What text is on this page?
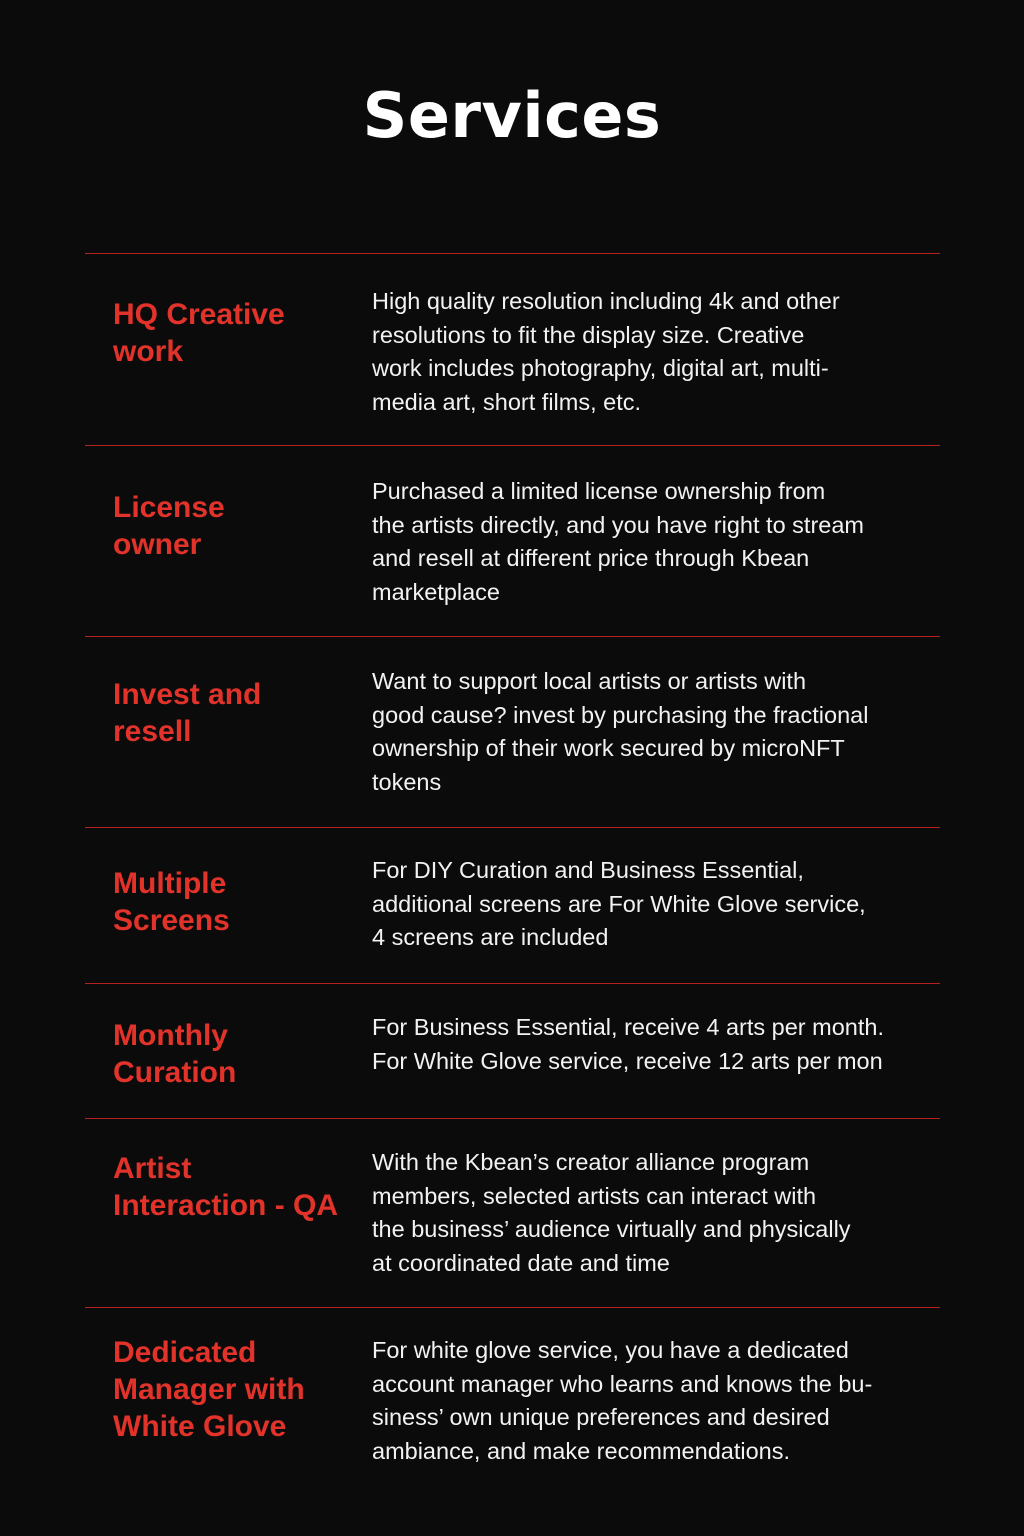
Services
HQ Creative
work

High quality resolution including 4k and other
resolutions to fit the display size. Creative
work includes photography, digital art, multi-
media art, short films, etc.

License
owner

Purchased a limited license ownership from
the artists directly, and you have right to stream
and resell at different price through Kbean
marketplace

Invest and
resell

Want to support local artists or artists with
good cause? invest by purchasing the fractional
ownership of their work secured by microNFT
tokens

Multiple
Screens

For DIY Curation and Business Essential,
additional screens are For White Glove service,
4 screens are included

Monthly
Curation

For Business Essential, receive 4 arts per month.
For White Glove service, receive 12 arts per mon

Artist
Interaction - QA

With the Kbean’s creator alliance program
members, selected artists can interact with
the business’ audience virtually and physically
at coordinated date and time

Dedicated
Manager with
White Glove

For white glove service, you have a dedicated
account manager who learns and knows the bu-
siness’ own unique preferences and desired
ambiance, and make recommendations.
